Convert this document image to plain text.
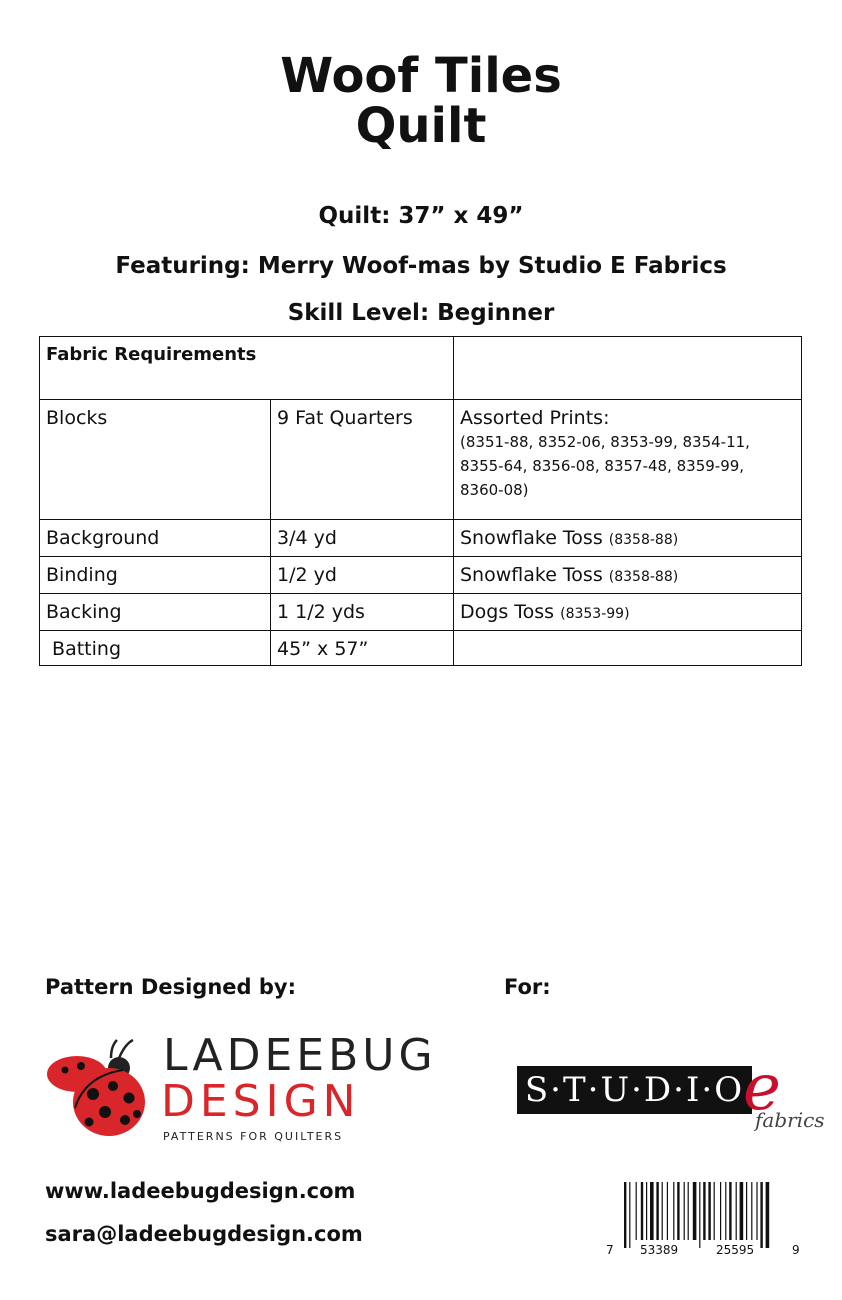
Woof Tiles
Quilt
Quilt: 37” x 49”
Featuring: Merry Woof-mas by Studio E Fabrics
Skill Level: Beginner
Fabric Requirements		
Blocks	9 Fat Quarters	Assorted Prints:
(8351-88, 8352-06, 8353-99, 8354-11, 8355-64, 8356-08, 8357-48, 8359-99, 8360-08)

Background	3/4 yd	Snowflake Toss (8358-88)
Binding	1/2 yd	Snowflake Toss (8358-88)
Backing	1 1/2 yds	Dogs Toss (8353-99)
Batting	45” x 57”	
Pattern Designed by:	For:
LADEEBUG
DESIGN
PATTERNS FOR QUILTERS
S·T·U·D·I·O
e
fabrics
www.ladeebugdesign.com
sara@ladeebugdesign.com
7 53389	25595	9
